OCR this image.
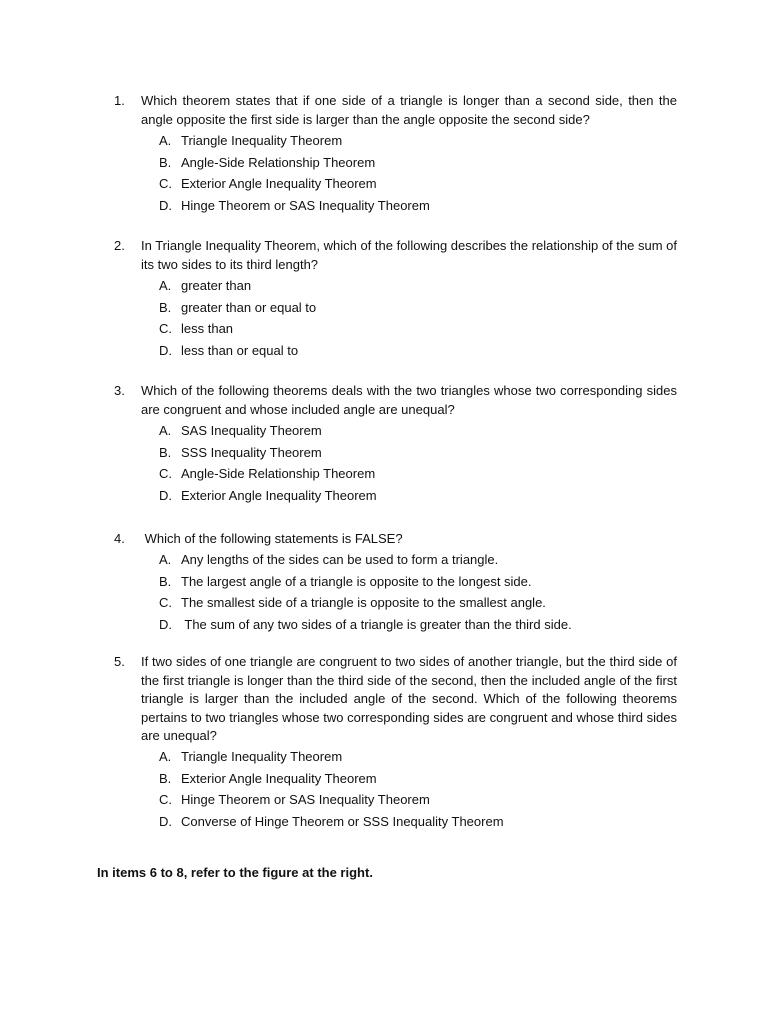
1. Which theorem states that if one side of a triangle is longer than a second side, then the angle opposite the first side is larger than the angle opposite the second side?
A. Triangle Inequality Theorem
B. Angle-Side Relationship Theorem
C. Exterior Angle Inequality Theorem
D. Hinge Theorem or SAS Inequality Theorem
2. In Triangle Inequality Theorem, which of the following describes the relationship of the sum of its two sides to its third length?
A. greater than
B. greater than or equal to
C. less than
D. less than or equal to
3. Which of the following theorems deals with the two triangles whose two corresponding sides are congruent and whose included angle are unequal?
A. SAS Inequality Theorem
B. SSS Inequality Theorem
C. Angle-Side Relationship Theorem
D. Exterior Angle Inequality Theorem
4. Which of the following statements is FALSE?
A. Any lengths of the sides can be used to form a triangle.
B. The largest angle of a triangle is opposite to the longest side.
C. The smallest side of a triangle is opposite to the smallest angle.
D. The sum of any two sides of a triangle is greater than the third side.
5. If two sides of one triangle are congruent to two sides of another triangle, but the third side of the first triangle is longer than the third side of the second, then the included angle of the first triangle is larger than the included angle of the second. Which of the following theorems pertains to two triangles whose two corresponding sides are congruent and whose third sides are unequal?
A. Triangle Inequality Theorem
B. Exterior Angle Inequality Theorem
C. Hinge Theorem or SAS Inequality Theorem
D. Converse of Hinge Theorem or SSS Inequality Theorem
In items 6 to 8, refer to the figure at the right.
